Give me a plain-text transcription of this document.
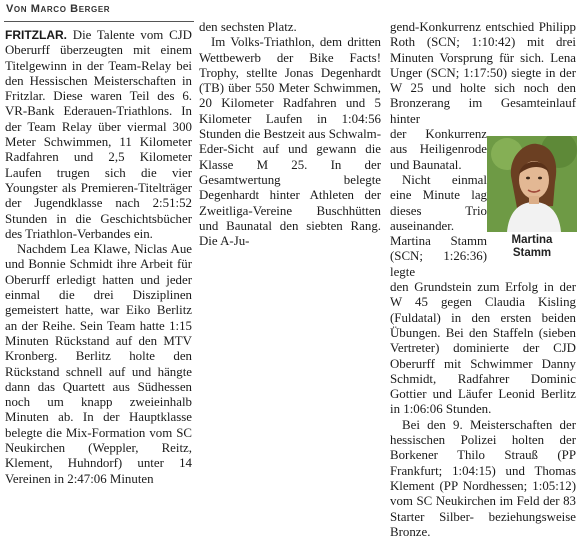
Von Marco Berger

FRITZLAR. Die Talente vom CJD Oberurff überzeugten mit einem Titelgewinn in der Team-Relay bei den Hessischen Meisterschaften in Fritzlar. Diese waren Teil des 6. VR-Bank Ederauen-Triathlons. In der Team Relay über viermal 300 Meter Schwimmen, 11 Kilometer Radfahren und 2,5 Kilometer Laufen trugen sich die vier Youngster als Premieren-Titelträger der Jugendklasse nach 2:51:52 Stunden in die Geschichtsbücher des Triathlon-Verbandes ein.

Nachdem Lea Klawe, Niclas Aue und Bonnie Schmidt ihre Arbeit für Oberurff erledigt hatten und jeder einmal die drei Disziplinen gemeistert hatte, war Eiko Berlitz an der Reihe. Sein Team hatte 1:15 Minuten Rückstand auf den MTV Kronberg. Berlitz holte den Rückstand schnell auf und hängte dann das Quartett aus Südhessen noch um knapp zweieinhalb Minuten ab. In der Hauptklasse belegte die Mix-Formation vom SC Neukirchen (Weppler, Reitz, Klement, Huhndorf) unter 14 Vereinen in 2:47:06 Minuten

den sechsten Platz.

Im Volks-Triathlon, dem dritten Wettbewerb der Bike Facts! Trophy, stellte Jonas Degenhardt (TB) über 550 Meter Schwimmen, 20 Kilometer Radfahren und 5 Kilometer Laufen in 1:04:56 Stunden die Bestzeit aus Schwalm-Eder-Sicht auf und gewann die Klasse M 25. In der Gesamtwertung belegte Degenhardt hinter Athleten der Zweitliga-Vereine Buschhütten und Baunatal den siebten Rang. Die A-Ju-

gend-Konkurrenz entschied Philipp Roth (SCN; 1:10:42) mit drei Minuten Vorsprung für sich. Lena Unger (SCN; 1:17:50) siegte in der W 25 und holte sich noch den Bronzerang im Gesamteinlauf hinter

der Konkurrenz aus Heiligenrode und Baunatal.

Nicht einmal eine Minute lag dieses Trio auseinander.

Martina Stamm (SCN; 1:26:36) legte

den Grundstein zum Erfolg in der W 45 gegen Claudia Kisling (Fuldatal) in den ersten beiden Übungen. Bei den Staffeln (sieben Vertreter) dominierte der CJD Oberurff mit Schwimmer Danny Schmidt, Radfahrer Dominic Gottier und Läufer Leonid Berlitz in 1:06:06 Stunden.

Bei den 9. Meisterschaften der hessischen Polizei holten der Borkener Thilo Strauß (PP Frankfurt; 1:04:15) und Thomas Klement (PP Nordhessen; 1:05:12) vom SC Neukirchen im Feld der 83 Starter Silber- beziehungsweise Bronze.

Martina
Stamm
